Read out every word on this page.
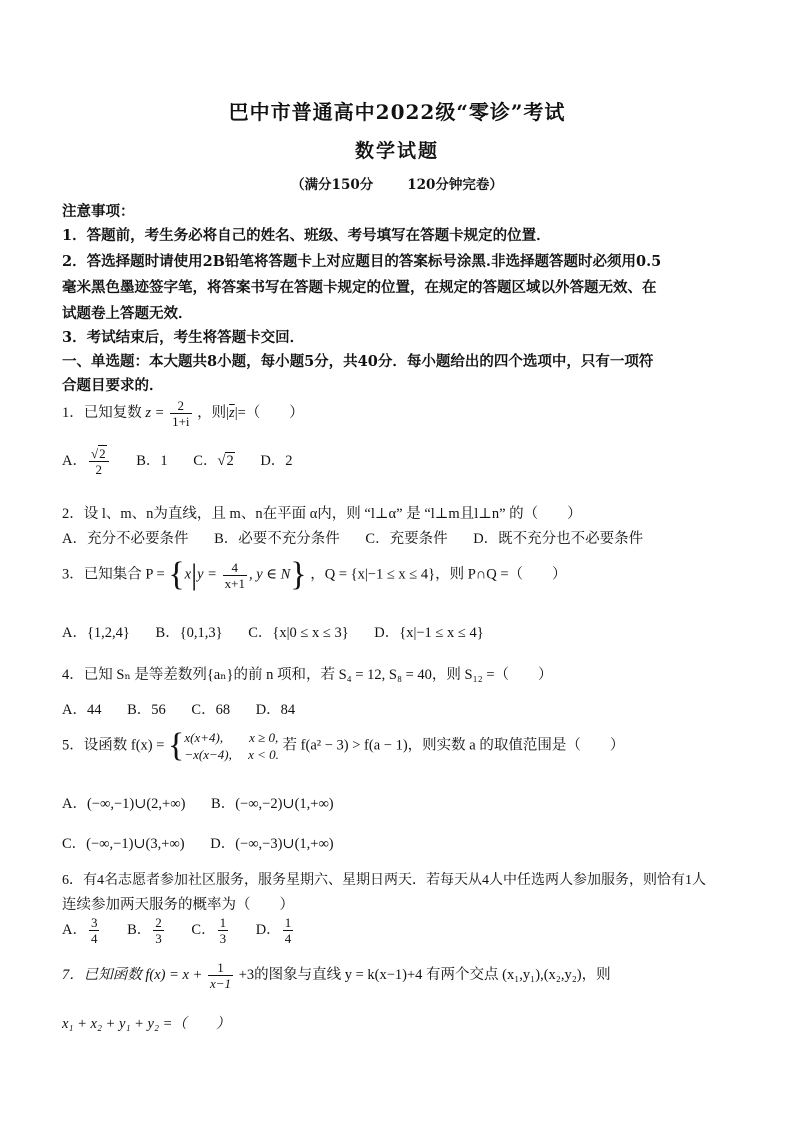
巴中市普通高中2022级“零诊”考试
数学试题
（满分150分	120分钟完卷）
注意事项：
1．答题前，考生务必将自己的姓名、班级、考号填写在答题卡规定的位置．
2．答选择题时请使用2B铅笔将答题卡上对应题目的答案标号涂黑.非选择题答题时必须用0.5
毫米黑色墨迹签字笔，将答案书写在答题卡规定的位置，在规定的答题区域以外答题无效、在
试题卷上答题无效．
3．考试结束后，考生将答题卡交回．
一、单选题：本大题共8小题，每小题5分，共40分．每小题给出的四个选项中，只有一项符
合题目要求的．
1．已知复数 $z = \frac{2}{1+i}$ ，则$|\overline{z}|=$（　　）
A． $\frac{√2}{2}$ B．1 C．√2 D．2
2．设 l、m、n为直线，且 m、n在平面 α内，则 “l⊥α” 是 “l⊥m且l⊥n” 的（　　）
A．充分不必要条件 B．必要不充分条件 C．充要条件 D．既不充分也不必要条件
3．已知集合 $P = \{x|y = \frac{4}{x+1}$ , y ∈ N} ，Q = {x|−1 ≤ x ≤ 4}，则 P∩Q =（　　）
A．{1,2,4} B．{0,1,3} C．{x|0 ≤ x ≤ 3} D．{x|−1 ≤ x ≤ 4}
4．已知 Sₙ 是等差数列{aₙ}的前 n 项和，若 S₄ = 12, S₈ = 40，则 S₁₂ =（　　）
A．44 B．56 C．68 D．84
5．设函数 f(x) = { x(x+4),　　x ≥ 0,
−x(x−4),　 x < 0.
若 f(a² − 3) > f(a − 1)，则实数 a 的取值范围是（　　）
A．(−∞,−1)∪(2,+∞) B．(−∞,−2)∪(1,+∞)
C．(−∞,−1)∪(3,+∞) D．(−∞,−3)∪(1,+∞)
6．有4名志愿者参加社区服务，服务星期六、星期日两天．若每天从4人中任选两人参加服务，则恰有1人
连续参加两天服务的概率为（　　）
A． $\frac{3}{4}$ B． $\frac{2}{3}$ C． $\frac{1}{3}$ D． $\frac{1}{4}$
7．已知函数 $f(x) = x + \frac{1}{x-1} +3$的图象与直线 y = k(x−1)+4 有两个交点 (x₁,y₁),(x₂,y₂)，则
x₁ + x₂ + y₁ + y₂ =（　　）
